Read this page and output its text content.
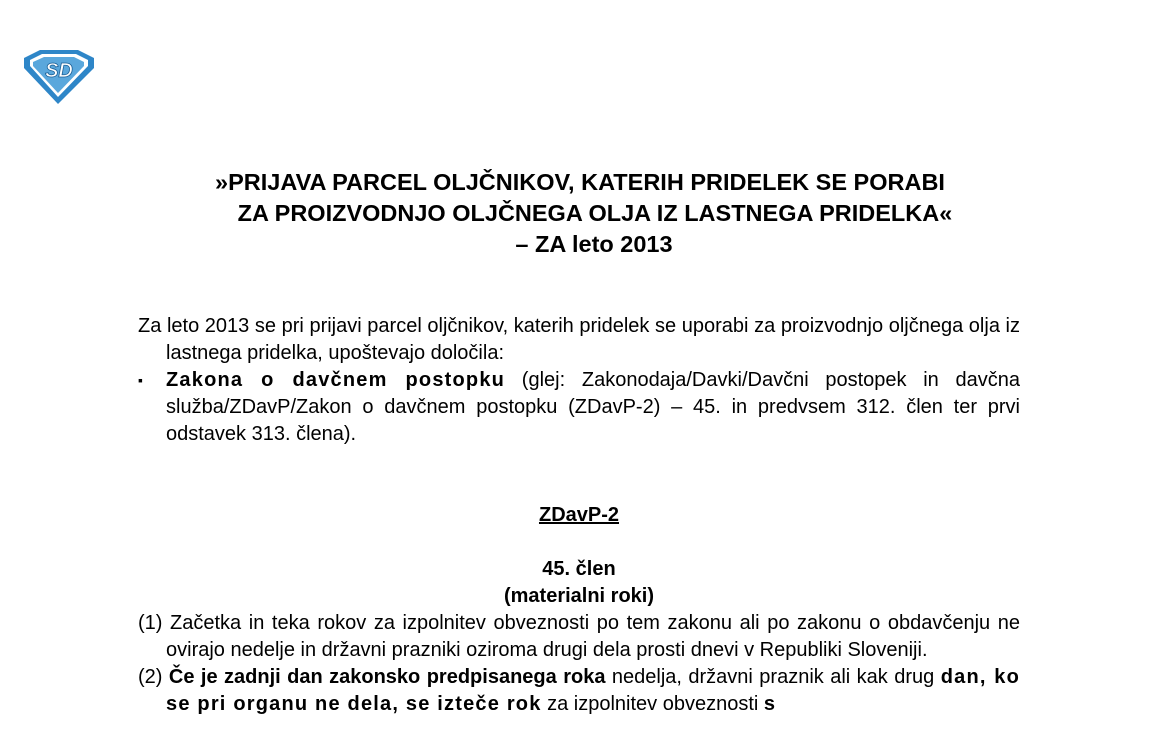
SD
»PRIJAVA PARCEL OLJČNIKOV, KATERIH PRIDELEK SE PORABI
ZA PROIZVODNJO OLJČNEGA OLJA IZ LASTNEGA PRIDELKA«
– ZA leto 2013
Za leto 2013 se pri prijavi parcel oljčnikov, katerih pridelek se uporabi za proizvodnjo oljčnega olja iz lastnega pridelka, upoštevajo določila:
▪	Zakona o davčnem postopku (glej: Zakonodaja/Davki/Davčni postopek in davčna služba/ZDavP/Zakon o davčnem postopku (ZDavP-2) – 45. in predvsem 312. člen ter prvi odstavek 313. člena).
ZDavP-2
45. člen
(materialni roki)
(1) Začetka in teka rokov za izpolnitev obveznosti po tem zakonu ali po zakonu o obdavčenju ne ovirajo nedelje in državni prazniki oziroma drugi dela prosti dnevi v Republiki Sloveniji.
(2) Če je zadnji dan zakonsko predpisanega roka nedelja, državni praznik ali kak drug dan, ko se pri organu ne dela, se izteče rok za izpolnitev obveznosti s
